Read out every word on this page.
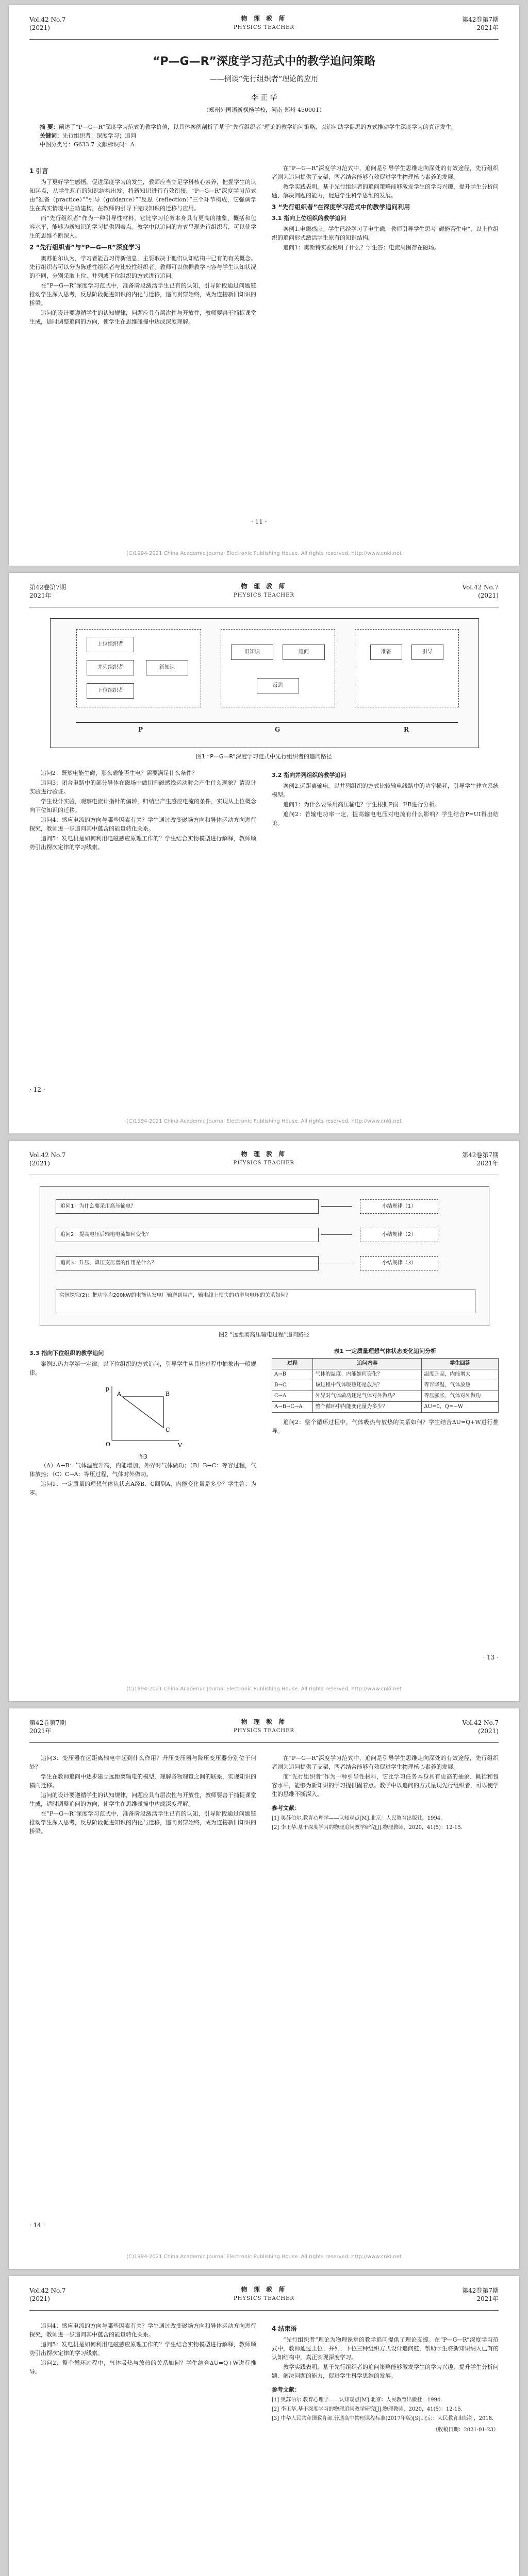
Vol.42 No.7
(2021)
物 理 教 师
PHYSICS TEACHER
第42卷第7期
2021年
“P—G—R”深度学习范式中的教学追问策略
——例谈“先行组织者”理论的应用
李 正 华
（郑州外国语新枫杨学校，河南 郑州 450001）
摘 要：阐述了“P—G—R”深度学习范式的教学价值，以具体案例剖析了基于“先行组织者”理论的教学追问策略，以追问助学促思的方式推动学生深度学习的真正发生。
关键词：先行组织者；深度学习；追问
中图分类号：G633.7 文献标识码：A
1 引言

为了更好学生感悟，促进深度学习的发生，教师应当立足学科核心素养，把握学生的认知起点，从学生现有的知识结构出发，将新知识进行有效衔接。“P—G—R”深度学习范式由“准备（practice）”“引导（guidance）”“反思（reflection）”三个环节构成，它强调学生在真实情境中主动建构，在教师的引导下完成知识的迁移与应用。

而“先行组织者”作为一种引导性材料，它比学习任务本身具有更高的抽象、概括和包容水平，能够为新知识的学习提供固着点。教学中以追问的方式呈现先行组织者，可以使学生的思维不断深入。

2 “先行组织者”与“P—G—R”深度学习

奥苏伯尔认为，学习者能否习得新信息，主要取决于他们认知结构中已有的有关概念。先行组织者可以分为陈述性组织者与比较性组织者，教师可以依据教学内容与学生认知状况的不同，分别采取上位、并列或下位组织的方式进行追问。

在“P—G—R”深度学习范式中，准备阶段激活学生已有的认知，引导阶段通过问题链推动学生深入思考，反思阶段促进知识的内化与迁移，追问贯穿始终，成为连接新旧知识的桥梁。

追问的设计要遵循学生的认知规律，问题应具有层次性与开放性，教师要善于捕捉课堂生成，适时调整追问的方向，使学生在思维碰撞中达成深度理解。

在“P—G—R”深度学习范式中，追问是引导学生思维走向深处的有效途径，先行组织者则为追问提供了支架，两者结合能够有效促进学生物理核心素养的发展。

教学实践表明，基于先行组织者的追问策略能够激发学生的学习兴趣，提升学生分析问题、解决问题的能力，促进学生科学思维的发展。

3 “先行组织者”在深度学习范式中的教学追问利用
3.1 指向上位组织的教学追问

案例1.电磁感应。学生已经学习了电生磁，教师引导学生思考“磁能否生电”，以上位组织的追问形式激活学生原有的知识结构。

追问1：奥斯特实验说明了什么？学生答：电流周围存在磁场。

· 11 ·
(C)1994-2021 China Academic Journal Electronic Publishing House. All rights reserved. http://www.cnki.net
第42卷第7期
2021年
物 理 教 师
PHYSICS TEACHER
Vol.42 No.7
(2021)
上位组织者
并列组织者
下位组织者
新知识
旧知识	追问
反思
准备	引导
P	G	R
图1 “P—G—R”深度学习范式中先行组织者的追问路径

追问2：既然电能生磁，那么磁能否生电？需要满足什么条件？

追问3：闭合电路中的部分导体在磁场中做切割磁感线运动时会产生什么现象？请设计实验进行验证。

学生设计实验，观察电流计指针的偏转，归纳出产生感应电流的条件，实现从上位概念向下位知识的迁移。

追问4：感应电流的方向与哪些因素有关？学生通过改变磁场方向和导体运动方向进行探究，教师进一步追问其中蕴含的能量转化关系。

追问5：发电机是如何利用电磁感应原理工作的？学生结合实物模型进行解释，教师顺势引出楞次定律的学习线索。

3.2 指向并列组织的教学追问

案例2.远距离输电。以并列组织的方式比较输电线路中的功率损耗，引导学生建立系统模型。

追问1：为什么要采用高压输电？学生根据P损=I²R进行分析。

追问2：若输电功率一定，提高输电电压对电流有什么影响？学生结合P=UI得出结论。

· 12 ·
(C)1994-2021 China Academic Journal Electronic Publishing House. All rights reserved. http://www.cnki.net
Vol.42 No.7
(2021)
物 理 教 师
PHYSICS TEACHER
第42卷第7期
2021年
追问1：为什么要采用高压输电？
追问2：提高电压后输电电流如何变化？
追问3：升压、降压变压器的作用是什么？
小结规律（1）
小结规律（2）
小结规律（3）
实例探究(2)：把功率为200kW的电能从发电厂输送到用户，输电线上损失的功率与电压的关系如何？
图2 “远距离高压输电过程”追问路径
3.3 指向下位组织的教学追问

案例3.热力学第一定律。以下位组织的方式追问，引导学生从具体过程中抽象出一般规律。

p
V
A	B
C
O
图3

（A）A→B：气体温度升高，内能增加，外界对气体做功；（B）B→C：等容过程，气体放热；（C）C→A：等压过程，气体对外做功。

追问1：一定质量的理想气体从状态A经B、C回到A，内能变化量是多少？学生答：为零。

表1 一定质量理想气体状态变化追问分析
过程	追问内容	学生回答
A→B	气体的温度、内能如何变化？	温度升高，内能增大
B→C	该过程中气体吸热还是放热？	等容降温，气体放热
C→A	外界对气体做功还是气体对外做功？	等压膨胀，气体对外做功
A→B→C→A	整个循环中内能变化量为多少？	ΔU=0，Q=−W

追问2：整个循环过程中，气体吸热与放热的关系如何？学生结合ΔU=Q+W进行推导。

· 13 ·
(C)1994-2021 China Academic Journal Electronic Publishing House. All rights reserved. http://www.cnki.net
第42卷第7期
2021年
物 理 教 师
PHYSICS TEACHER
Vol.42 No.7
(2021)

追问3：变压器在远距离输电中起到什么作用？升压变压器与降压变压器分别位于何处？

学生在教师追问中逐步建立远距离输电的模型，理解各物理量之间的联系，实现知识的横向迁移。

追问的设计要遵循学生的认知规律，问题应具有层次性与开放性，教师要善于捕捉课堂生成，适时调整追问的方向，使学生在思维碰撞中达成深度理解。

在“P—G—R”深度学习范式中，准备阶段激活学生已有的认知，引导阶段通过问题链推动学生深入思考，反思阶段促进知识的内化与迁移，追问贯穿始终，成为连接新旧知识的桥梁。

在“P—G—R”深度学习范式中，追问是引导学生思维走向深处的有效途径，先行组织者则为追问提供了支架，两者结合能够有效促进学生物理核心素养的发展。

而“先行组织者”作为一种引导性材料，它比学习任务本身具有更高的抽象、概括和包容水平，能够为新知识的学习提供固着点。教学中以追问的方式呈现先行组织者，可以使学生的思维不断深入。

参考文献：
[1] 奥苏伯尔.教育心理学——认知观点[M].北京：人民教育出版社，1994.
[2] 李正华.基于深度学习的物理追问教学研究[J].物理教师，2020，41(5)：12-15.
· 14 ·
(C)1994-2021 China Academic Journal Electronic Publishing House. All rights reserved. http://www.cnki.net
Vol.42 No.7
(2021)
物 理 教 师
PHYSICS TEACHER
第42卷第7期
2021年

追问4：感应电流的方向与哪些因素有关？学生通过改变磁场方向和导体运动方向进行探究，教师进一步追问其中蕴含的能量转化关系。

追问5：发电机是如何利用电磁感应原理工作的？学生结合实物模型进行解释，教师顺势引出楞次定律的学习线索。

追问2：整个循环过程中，气体吸热与放热的关系如何？学生结合ΔU=Q+W进行推导。

4 结束语

“先行组织者”理论为物理课堂的教学追问提供了理论支撑。在“P—G—R”深度学习范式中，教师通过上位、并列、下位三种组织方式设计追问链，帮助学生将新知识纳入已有的认知结构中，真正实现深度学习。

教学实践表明，基于先行组织者的追问策略能够激发学生的学习兴趣，提升学生分析问题、解决问题的能力，促进学生科学思维的发展。

参考文献：
[1] 奥苏伯尔.教育心理学——认知观点[M].北京：人民教育出版社，1994.
[2] 李正华.基于深度学习的物理追问教学研究[J].物理教师，2020，41(5)：12-15.
[3] 中华人民共和国教育部.普通高中物理课程标准(2017年版)[S].北京：人民教育出版社，2018.
（收稿日期：2021-01-23）
